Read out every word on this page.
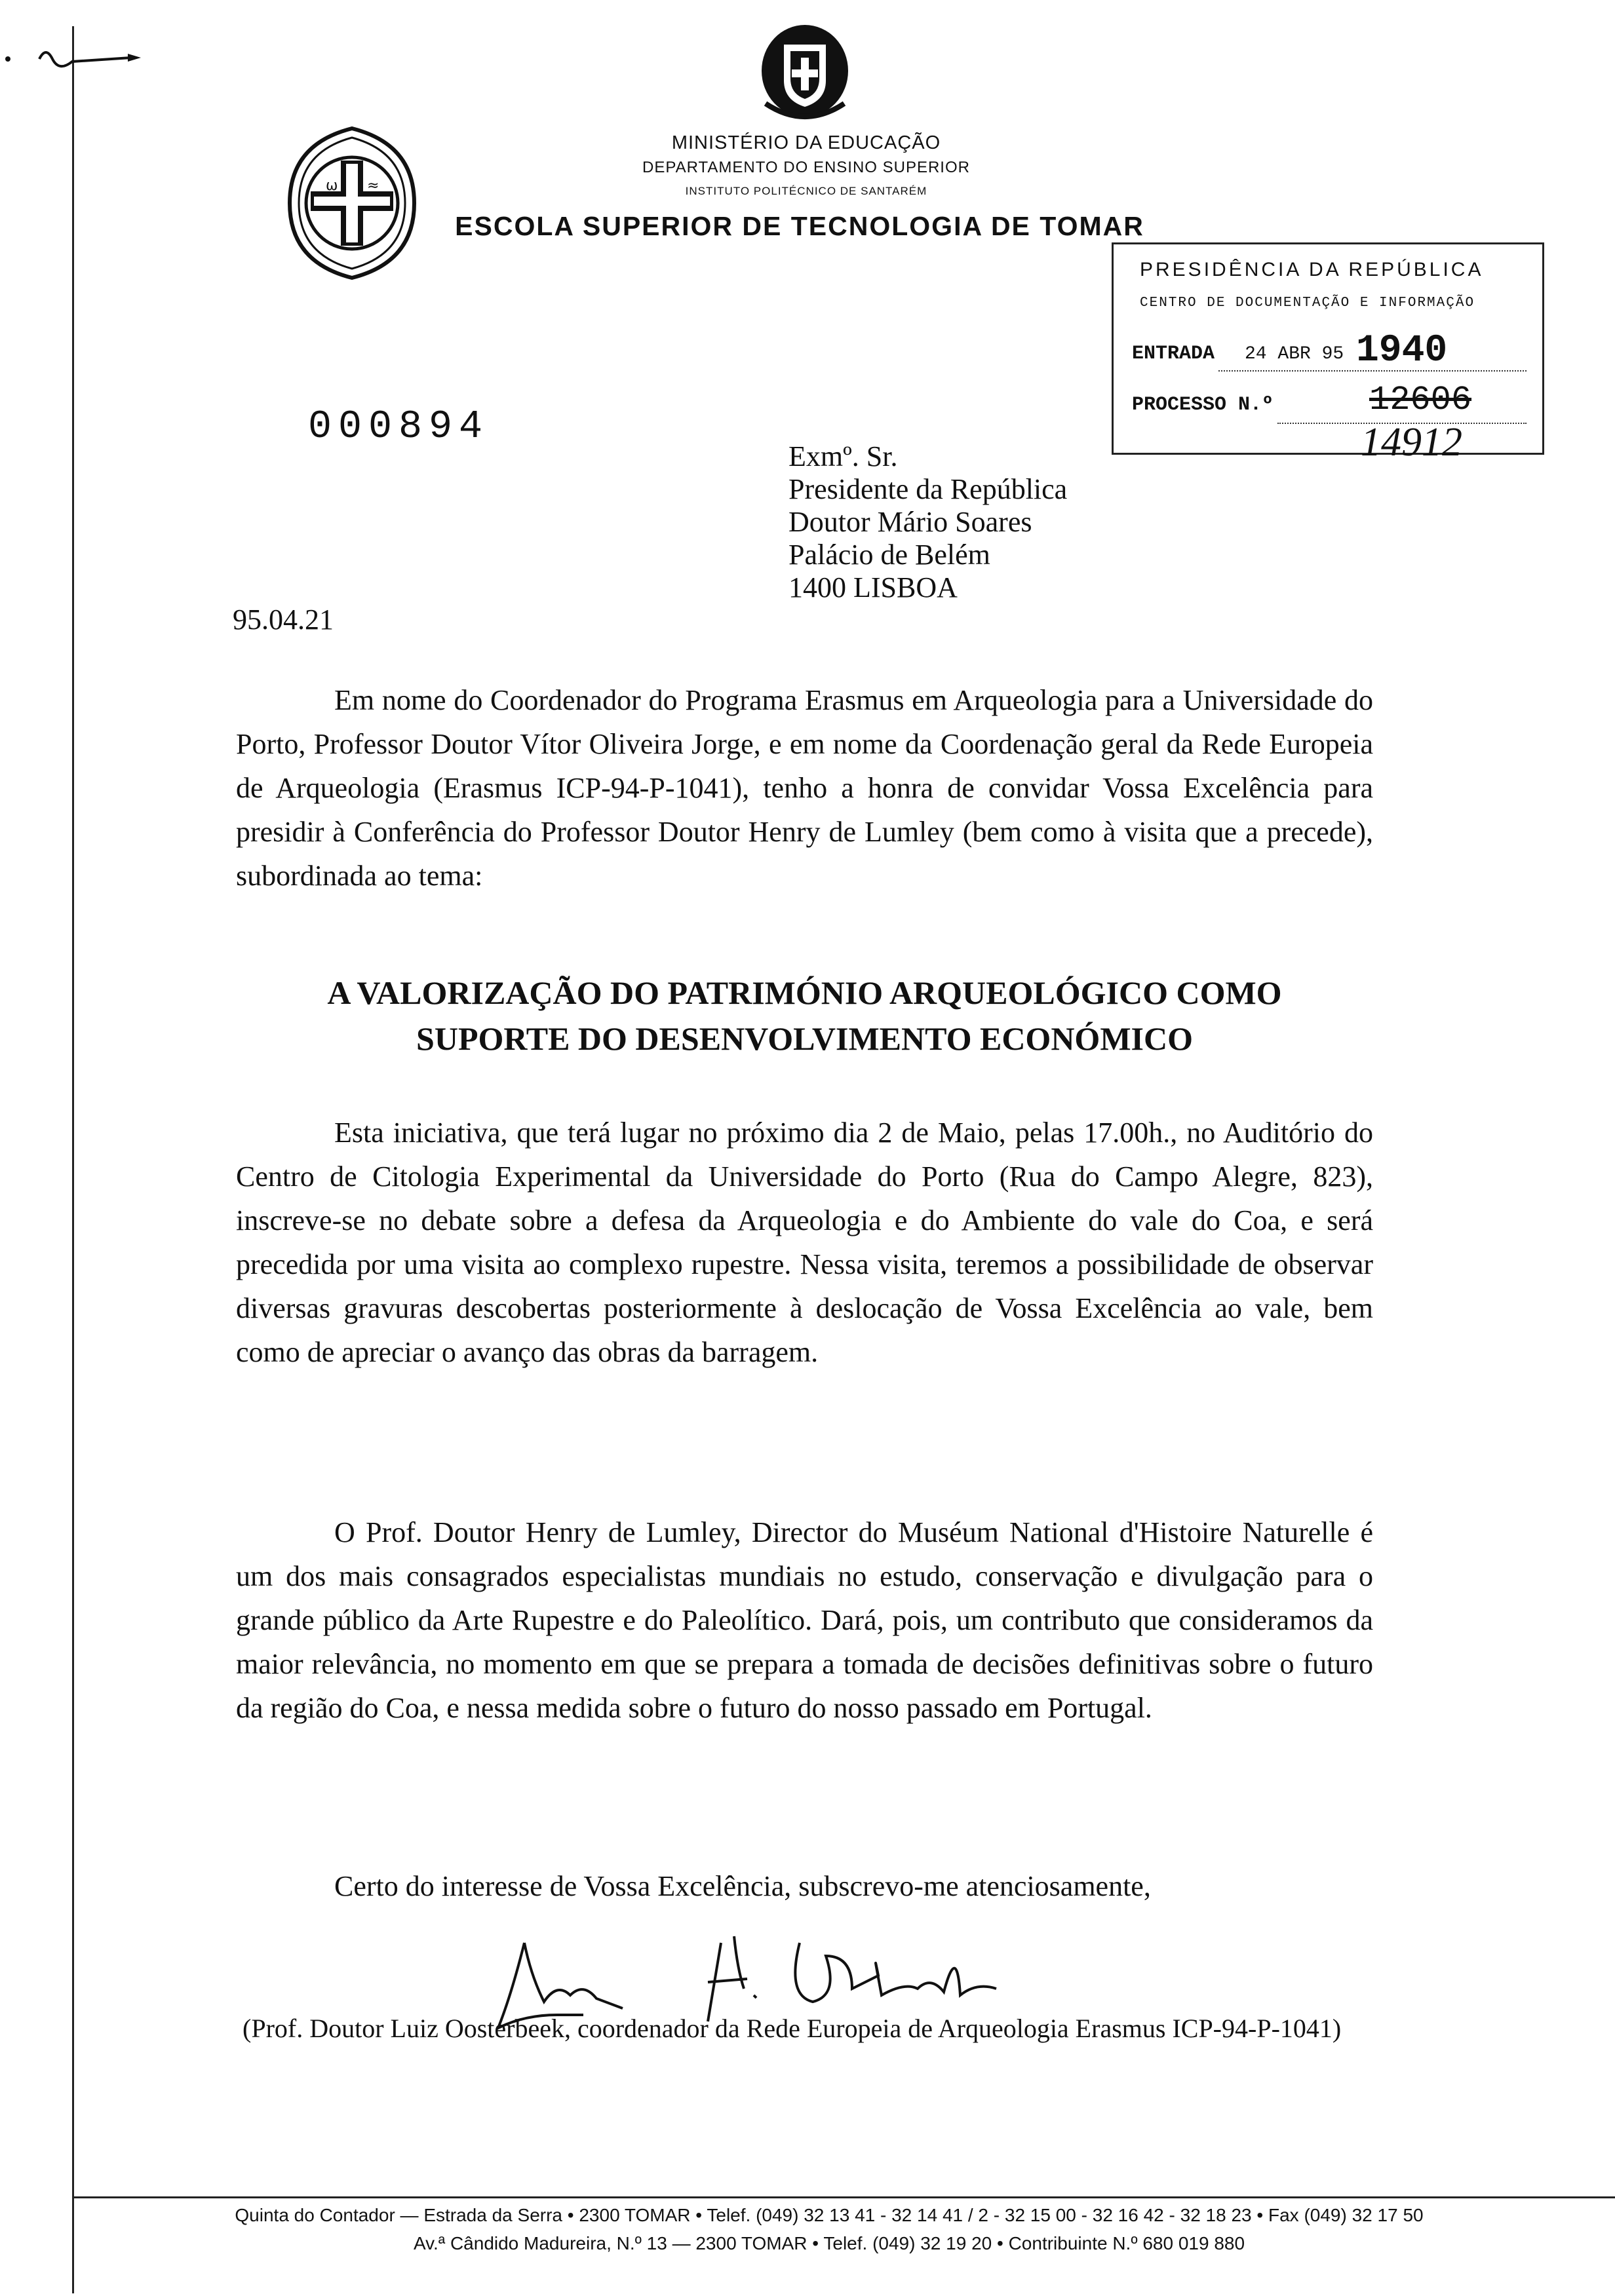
ω ≈
MINISTÉRIO DA EDUCAÇÃO
DEPARTAMENTO DO ENSINO SUPERIOR
INSTITUTO POLITÉCNICO DE SANTARÉM
ESCOLA SUPERIOR DE TECNOLOGIA DE TOMAR
PRESIDÊNCIA DA REPÚBLICA
CENTRO DE DOCUMENTAÇÃO E INFORMAÇÃO
ENTRADA 24 ABR 95 1940
PROCESSO N.º	12606
14912
000894
Exmº. Sr.
Presidente da República
Doutor Mário Soares
Palácio de Belém
1400 LISBOA
95.04.21
Em nome do Coordenador do Programa Erasmus em Arqueologia para a Universidade do Porto, Professor Doutor Vítor Oliveira Jorge, e em nome da Coordenação geral da Rede Europeia de Arqueologia (Erasmus ICP-94-P-1041), tenho a honra de convidar Vossa Excelência para presidir à Conferência do Professor Doutor Henry de Lumley (bem como à visita que a precede), subordinada ao tema:
A VALORIZAÇÃO DO PATRIMÓNIO ARQUEOLÓGICO COMO
SUPORTE DO DESENVOLVIMENTO ECONÓMICO
Esta iniciativa, que terá lugar no próximo dia 2 de Maio, pelas 17.00h., no Auditório do Centro de Citologia Experimental da Universidade do Porto (Rua do Campo Alegre, 823), inscreve-se no debate sobre a defesa da Arqueologia e do Ambiente do vale do Coa, e será precedida por uma visita ao complexo rupestre. Nessa visita, teremos a possibilidade de observar diversas gravuras descobertas posteriormente à deslocação de Vossa Excelência ao vale, bem como de apreciar o avanço das obras da barragem.
O Prof. Doutor Henry de Lumley, Director do Muséum National d'Histoire Naturelle é um dos mais consagrados especialistas mundiais no estudo, conservação e divulgação para o grande público da Arte Rupestre e do Paleolítico. Dará, pois, um contributo que consideramos da maior relevância, no momento em que se prepara a tomada de decisões definitivas sobre o futuro da região do Coa, e nessa medida sobre o futuro do nosso passado em Portugal.
Certo do interesse de Vossa Excelência, subscrevo-me atenciosamente,
(Prof. Doutor Luiz Oosterbeek, coordenador da Rede Europeia de Arqueologia Erasmus ICP-94-P-1041)
Quinta do Contador — Estrada da Serra • 2300 TOMAR • Telef. (049) 32 13 41 - 32 14 41 / 2 - 32 15 00 - 32 16 42 - 32 18 23 • Fax (049) 32 17 50
Av.ª Cândido Madureira, N.º 13 — 2300 TOMAR • Telef. (049) 32 19 20 • Contribuinte N.º 680 019 880
